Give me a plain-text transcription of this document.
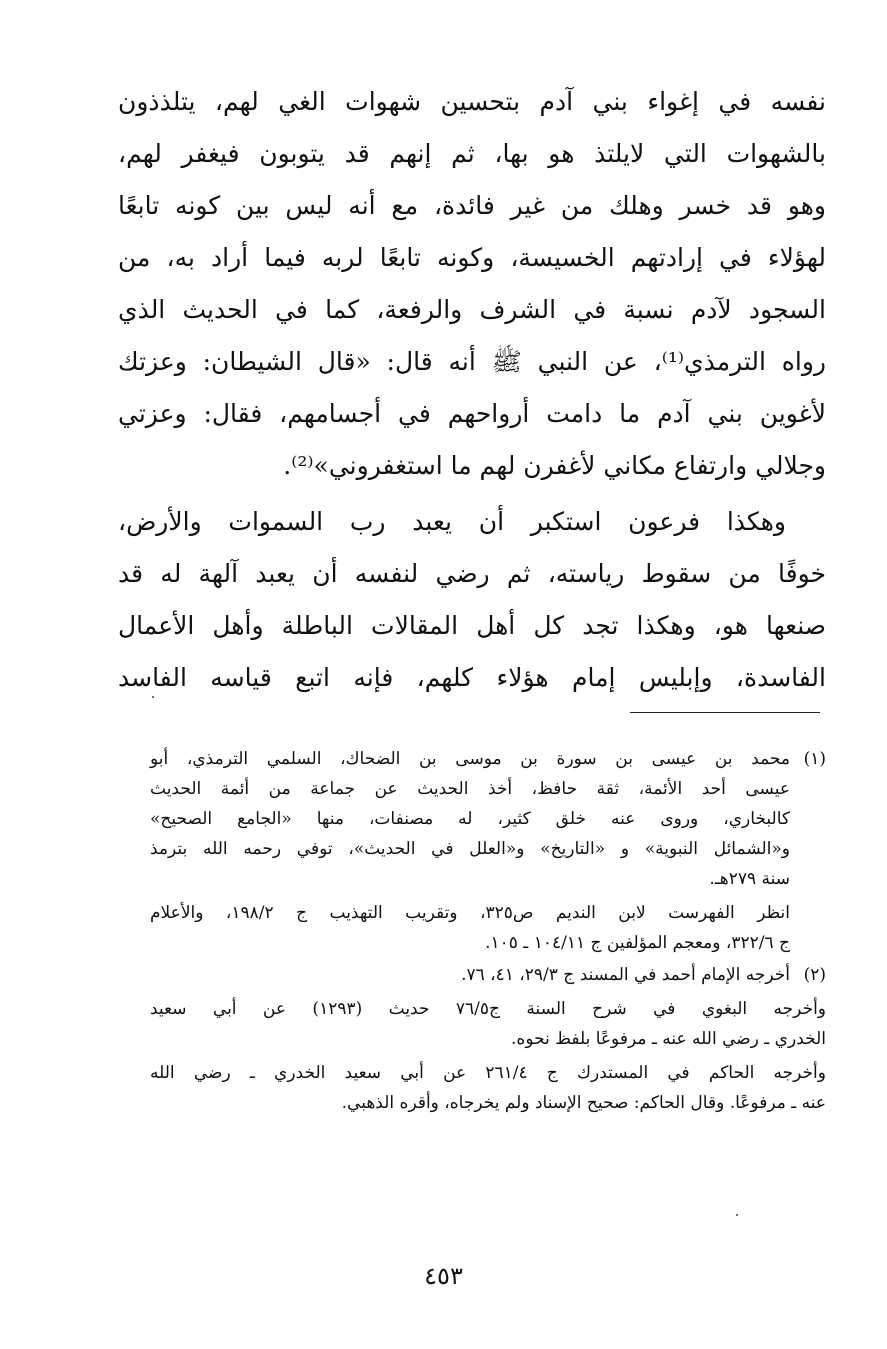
نفسه في إغواء بني آدم بتحسين شهوات الغي لهم، يتلذذون
بالشهوات التي لايلتذ هو بها، ثم إنهم قد يتوبون فيغفر لهم،
وهو قد خسر وهلك من غير فائدة، مع أنه ليس بين كونه تابعًا
لهؤلاء في إرادتهم الخسيسة، وكونه تابعًا لربه فيما أراد به، من
السجود لآدم نسبة في الشرف والرفعة، كما في الحديث الذي
رواه الترمذي⁽¹⁾، عن النبي ﷺ أنه قال: «قال الشيطان: وعزتك
لأغوين بني آدم ما دامت أرواحهم في أجسامهم، فقال: وعزتي
وجلالي وارتفاع مكاني لأغفرن لهم ما استغفروني»⁽²⁾.
وهكذا فرعون استكبر أن يعبد رب السموات والأرض،
خوفًا من سقوط رياسته، ثم رضي لنفسه أن يعبد آلهة له قد
صنعها هو، وهكذا تجد كل أهل المقالات الباطلة وأهل الأعمال
الفاسدة، وإبليس إمام هؤلاء كلهم، فإنه اتبع قياسه الفاسد
(١)
محمد بن عيسى بن سورة بن موسى بن الضحاك، السلمي الترمذي، أبو
عيسى أحد الأئمة، ثقة حافظ، أخذ الحديث عن جماعة من أئمة الحديث
كالبخاري، وروى عنه خلق كثير، له مصنفات، منها «الجامع الصحيح»
و«الشمائل النبوية» و «التاريخ» و«العلل في الحديث»، توفي رحمه الله بترمذ
سنة ٢٧٩هـ.
انظر الفهرست لابن النديم ص٣٢٥، وتقريب التهذيب ج ١٩٨/٢، والأعلام
ج ٣٢٢/٦، ومعجم المؤلفين ج ١٠٤/١١ ـ ١٠٥.
(٢)
أخرجه الإمام أحمد في المسند ج ٢٩/٣، ٤١، ٧٦.
وأخرجه البغوي في شرح السنة ج٧٦/٥ حديث (١٢٩٣) عن أبي سعيد
الخدري ـ رضي الله عنه ـ مرفوعًا بلفظ نحوه.
وأخرجه الحاكم في المستدرك ج ٢٦١/٤ عن أبي سعيد الخدري ـ رضي الله
عنه ـ مرفوعًا. وقال الحاكم: صحيح الإسناد ولم يخرجاه، وأقره الذهبي.
٤٥٣
